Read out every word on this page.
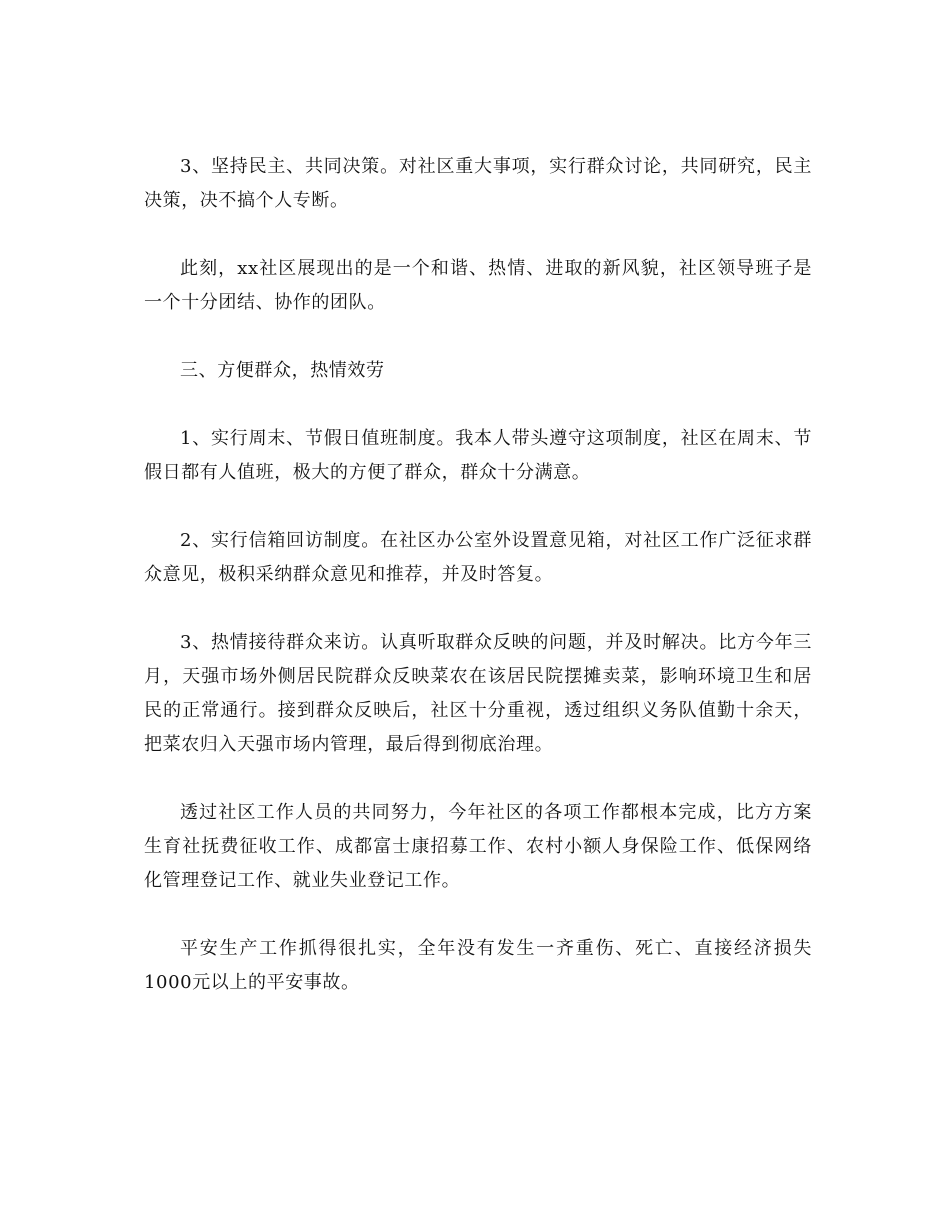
3、坚持民主、共同决策。对社区重大事项，实行群众讨论，共同研究，民主决策，决不搞个人专断。

此刻，xx社区展现出的是一个和谐、热情、进取的新风貌，社区领导班子是一个十分团结、协作的团队。

三、方便群众，热情效劳

1、实行周末、节假日值班制度。我本人带头遵守这项制度，社区在周末、节假日都有人值班，极大的方便了群众，群众十分满意。

2、实行信箱回访制度。在社区办公室外设置意见箱，对社区工作广泛征求群众意见，极积采纳群众意见和推荐，并及时答复。

3、热情接待群众来访。认真听取群众反映的问题，并及时解决。比方今年三月，天强市场外侧居民院群众反映菜农在该居民院摆摊卖菜，影响环境卫生和居民的正常通行。接到群众反映后，社区十分重视，透过组织义务队值勤十余天，把菜农归入天强市场内管理，最后得到彻底治理。

透过社区工作人员的共同努力，今年社区的各项工作都根本完成，比方方案生育社抚费征收工作、成都富士康招募工作、农村小额人身保险工作、低保网络化管理登记工作、就业失业登记工作。

平安生产工作抓得很扎实，全年没有发生一齐重伤、死亡、直接经济损失1000元以上的平安事故。
